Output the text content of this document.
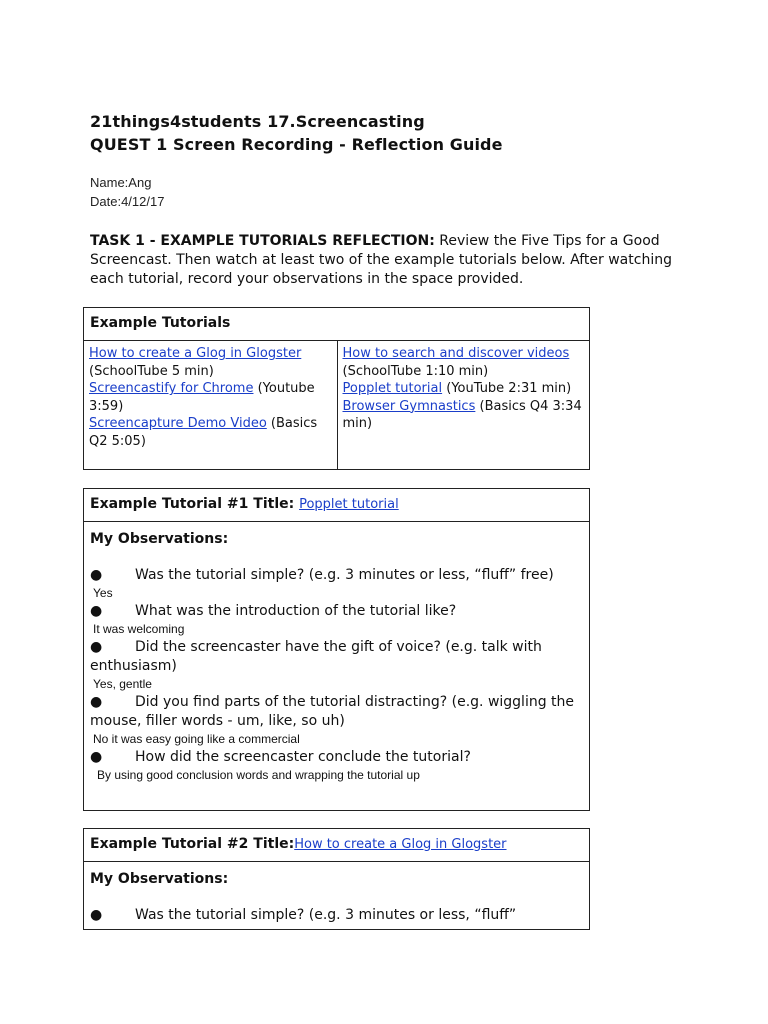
21things4students 17.Screencasting
QUEST 1 Screen Recording - Reflection Guide
Name:Ang
Date:4/12/17
TASK 1 - EXAMPLE TUTORIALS REFLECTION: Review the Five Tips for a Good Screencast. Then watch at least two of the example tutorials below. After watching each tutorial, record your observations in the space provided.
Example Tutorials
How to create a Glog in Glogster
(SchoolTube 5 min)
Screencastify for Chrome (Youtube 3:59)
Screencapture Demo Video (Basics Q2 5:05)
How to search and discover videos (SchoolTube 1:10 min)
Popplet tutorial (YouTube 2:31 min)
Browser Gymnastics (Basics Q4 3:34 min)
Example Tutorial #1 Title: Popplet tutorial
My Observations:
● Was the tutorial simple? (e.g. 3 minutes or less, “fluff” free)
Yes
● What was the introduction of the tutorial like?
It was welcoming
● Did the screencaster have the gift of voice? (e.g. talk with enthusiasm)
Yes, gentle
● Did you find parts of the tutorial distracting? (e.g. wiggling the mouse, filler words - um, like, so uh)
No it was easy going like a commercial
● How did the screencaster conclude the tutorial?
By using good conclusion words and wrapping the tutorial up
Example Tutorial #2 Title:How to create a Glog in Glogster
My Observations:
● Was the tutorial simple? (e.g. 3 minutes or less, “fluff”
